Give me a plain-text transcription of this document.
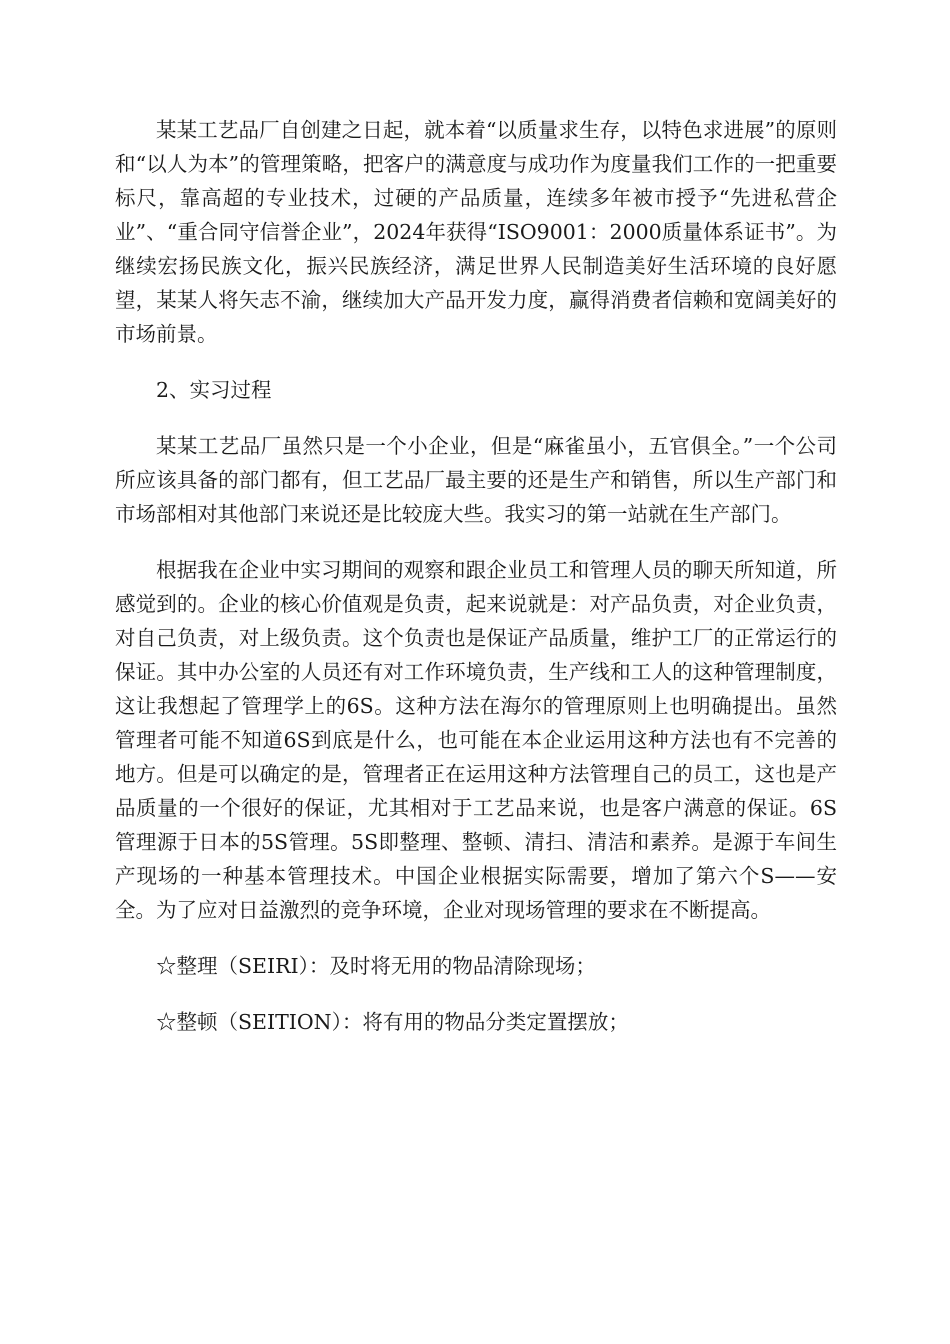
某某工艺品厂自创建之日起，就本着“以质量求生存，以特色求进展”的原则和“以人为本”的管理策略，把客户的满意度与成功作为度量我们工作的一把重要标尺，靠高超的专业技术，过硬的产品质量，连续多年被市授予“先进私营企业”、“重合同守信誉企业”，2024年获得“ISO9001：2000质量体系证书”。为继续宏扬民族文化，振兴民族经济，满足世界人民制造美好生活环境的良好愿望，某某人将矢志不渝，继续加大产品开发力度，赢得消费者信赖和宽阔美好的市场前景。

2、实习过程

某某工艺品厂虽然只是一个小企业，但是“麻雀虽小，五官俱全。”一个公司所应该具备的部门都有，但工艺品厂最主要的还是生产和销售，所以生产部门和市场部相对其他部门来说还是比较庞大些。我实习的第一站就在生产部门。

根据我在企业中实习期间的观察和跟企业员工和管理人员的聊天所知道，所感觉到的。企业的核心价值观是负责，起来说就是：对产品负责，对企业负责，对自己负责，对上级负责。这个负责也是保证产品质量，维护工厂的正常运行的保证。其中办公室的人员还有对工作环境负责，生产线和工人的这种管理制度，这让我想起了管理学上的6S。这种方法在海尔的管理原则上也明确提出。虽然管理者可能不知道6S到底是什么，也可能在本企业运用这种方法也有不完善的地方。但是可以确定的是，管理者正在运用这种方法管理自己的员工，这也是产品质量的一个很好的保证，尤其相对于工艺品来说，也是客户满意的保证。6S管理源于日本的5S管理。5S即整理、整顿、清扫、清洁和素养。是源于车间生产现场的一种基本管理技术。中国企业根据实际需要，增加了第六个S——安全。为了应对日益激烈的竞争环境，企业对现场管理的要求在不断提高。

☆整理（SEIRI）：及时将无用的物品清除现场；

☆整顿（SEITION）：将有用的物品分类定置摆放；
